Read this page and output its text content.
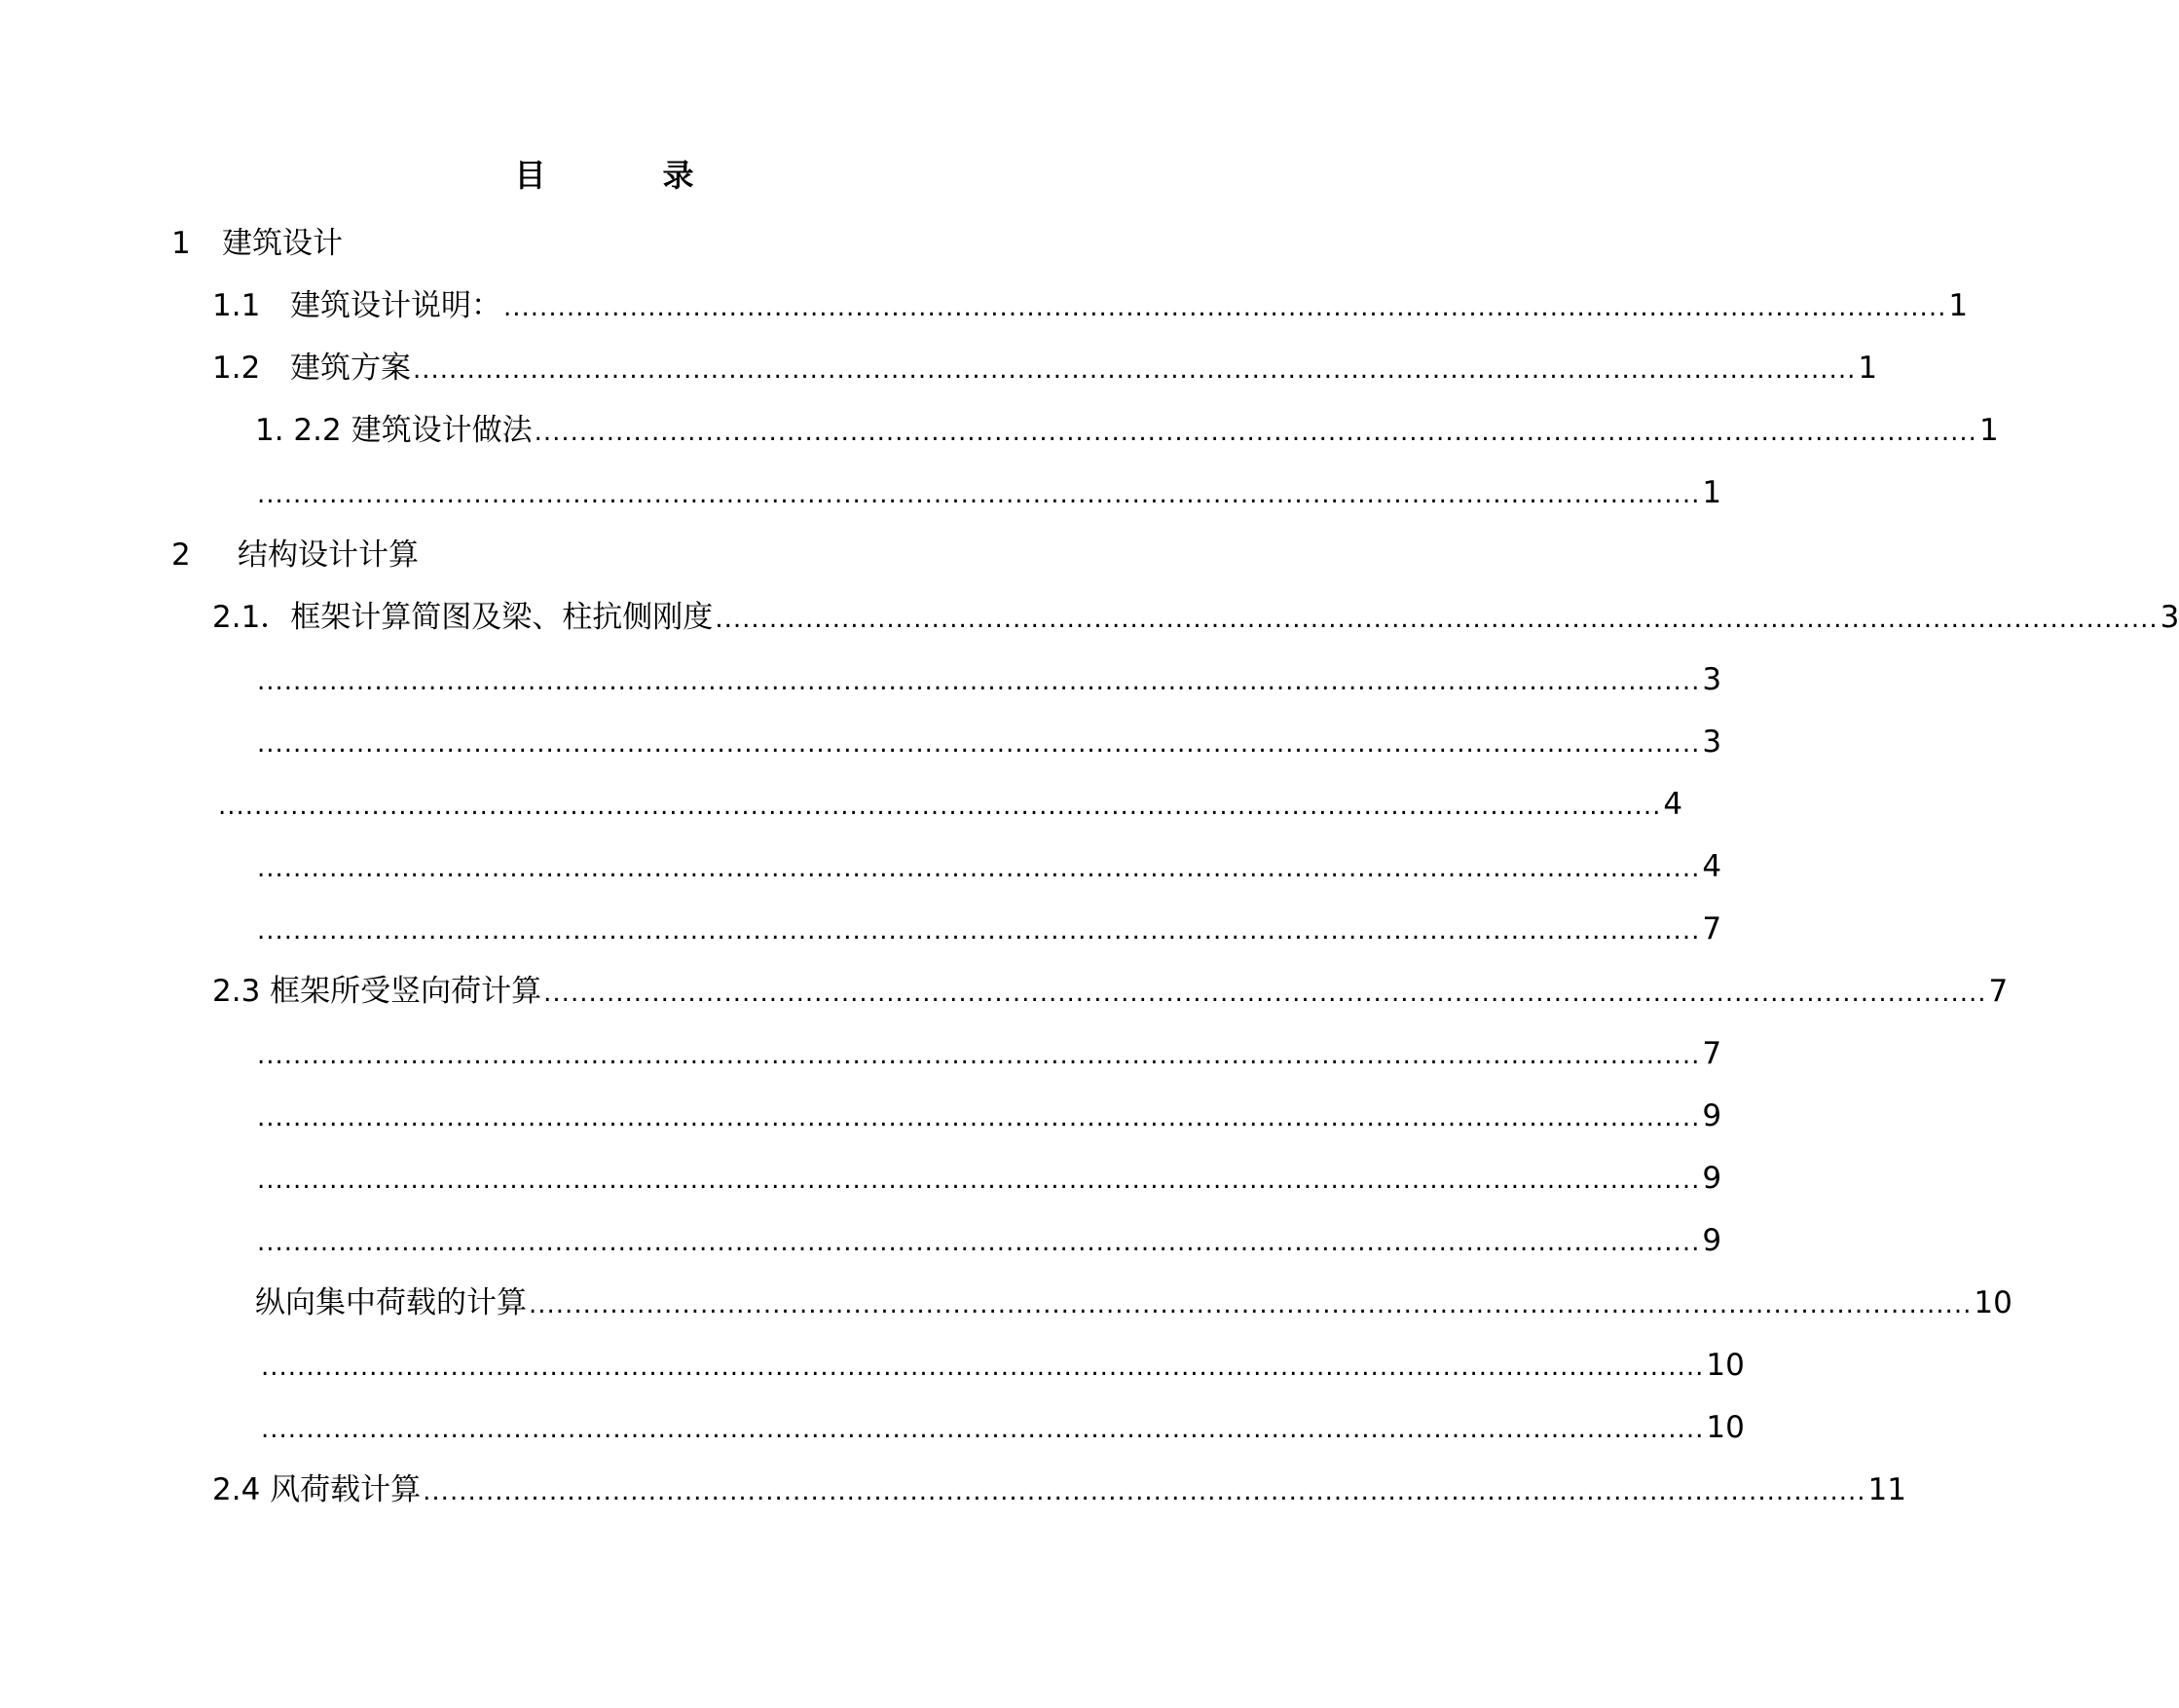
目　录
1	建筑设计
1.1 建筑设计说明： ................................................................................................................................................................ 1
1.2 建筑方案 ................................................................................................................................................................ 1
1. 2.2 建筑设计做法 ................................................................................................................................................................ 1
................................................................................................................................................................ 1
2	结构设计计算
2.1．框架计算简图及梁、柱抗侧刚度 ................................................................................................................................................................ 3
................................................................................................................................................................ 3
................................................................................................................................................................ 3
................................................................................................................................................................ 4
................................................................................................................................................................ 4
................................................................................................................................................................ 7
2.3 框架所受竖向荷计算 ................................................................................................................................................................ 7
................................................................................................................................................................ 7
................................................................................................................................................................ 9
................................................................................................................................................................ 9
................................................................................................................................................................ 9
纵向集中荷载的计算 ................................................................................................................................................................ 10
................................................................................................................................................................ 10
................................................................................................................................................................ 10
2.4 风荷载计算 ................................................................................................................................................................ 11
